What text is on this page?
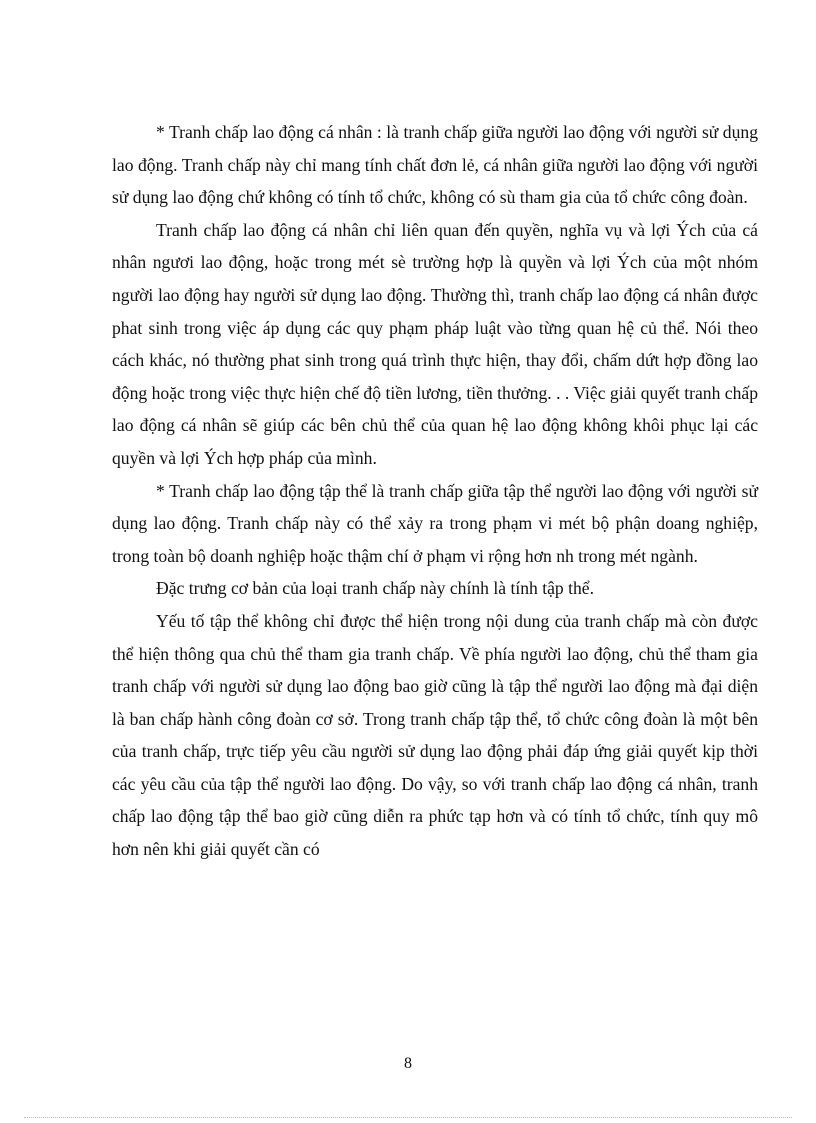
* Tranh chấp lao động cá nhân : là tranh chấp giữa người lao động với người sử dụng lao động. Tranh chấp này chỉ mang tính chất đơn lẻ, cá nhân giữa người lao động với người sử dụng lao động chứ không có tính tổ chức, không có sù tham gia của tổ chức công đoàn.

Tranh chấp lao động cá nhân chỉ liên quan đến quyền, nghĩa vụ và lợi Ých của cá nhân ngươi lao động, hoặc trong mét sè trường hợp là quyền và lợi Ých của một nhóm người lao động hay người sử dụng lao động. Thường thì, tranh chấp lao động cá nhân được phat sinh trong việc áp dụng các quy phạm pháp luật vào từng quan hệ củ thể. Nói theo cách khác, nó thường phat sinh trong quá trình thực hiện, thay đổi, chấm dứt hợp đồng lao động hoặc trong việc thực hiện chế độ tiền lương, tiền thưởng. . . Việc giải quyết tranh chấp lao động cá nhân sẽ giúp các bên chủ thể của quan hệ lao động không khôi phục lại các quyền và lợi Ých hợp pháp của mình.

* Tranh chấp lao động tập thể là tranh chấp giữa tập thể người lao động với người sử dụng lao động. Tranh chấp này có thể xảy ra trong phạm vi mét bộ phận doang nghiệp, trong toàn bộ doanh nghiệp hoặc thậm chí ở phạm vi rộng hơn nh trong mét ngành.

Đặc trưng cơ bản của loại tranh chấp này chính là tính tập thể.

Yếu tố tập thể không chỉ được thể hiện trong nội dung của tranh chấp mà còn được thể hiện thông qua chủ thể tham gia tranh chấp. Về phía người lao động, chủ thể tham gia tranh chấp với người sử dụng lao động bao giờ cũng là tập thể người lao động mà đại diện là ban chấp hành công đoàn cơ sở. Trong tranh chấp tập thể, tổ chức công đoàn là một bên của tranh chấp, trực tiếp yêu cầu người sử dụng lao động phải đáp ứng giải quyết kịp thời các yêu cầu của tập thể người lao động. Do vậy, so với tranh chấp lao động cá nhân, tranh chấp lao động tập thể bao giờ cũng diễn ra phức tạp hơn và có tính tổ chức, tính quy mô hơn nên khi giải quyết cần có

8
